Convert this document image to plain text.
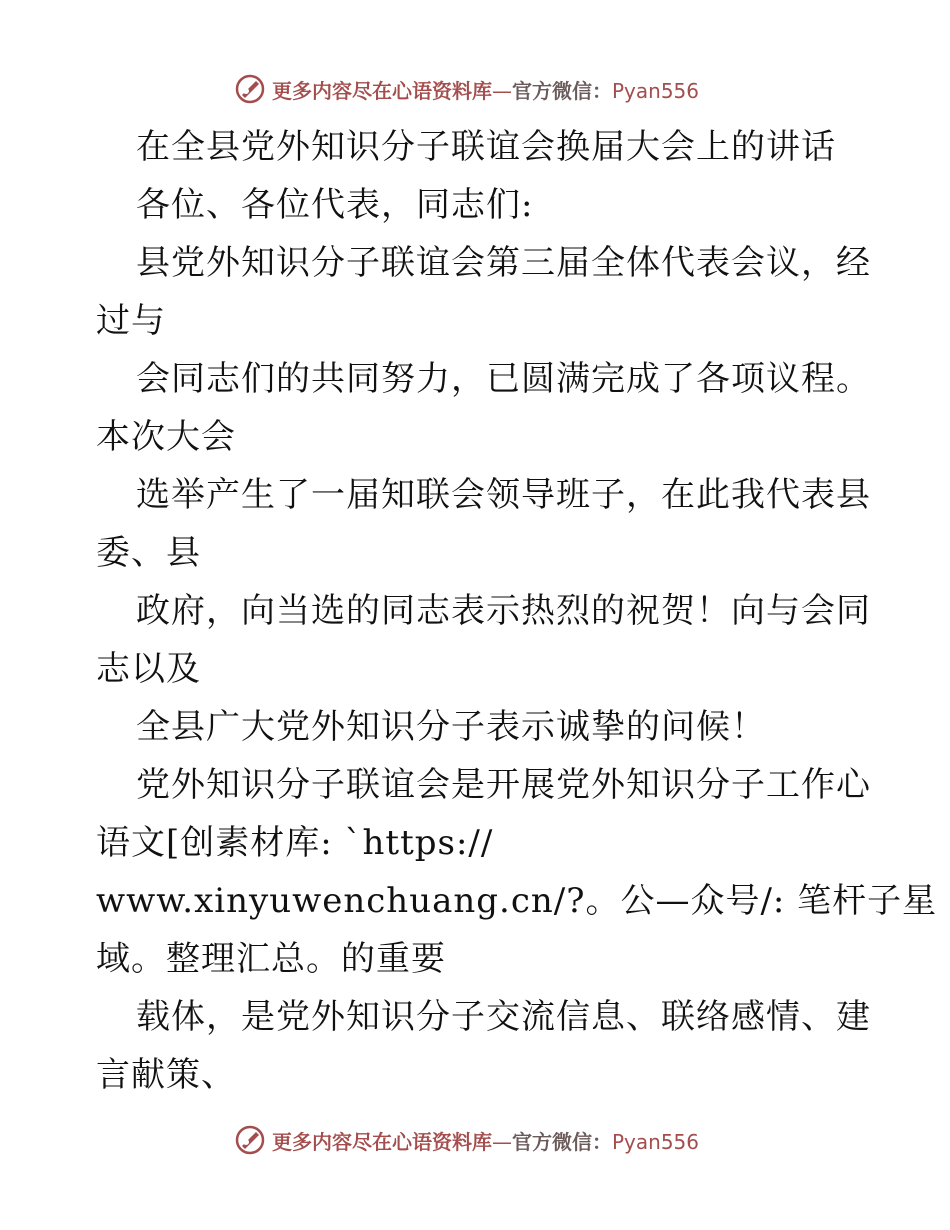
更多内容尽在心语资料库—官方微信：Pyan556
在全县党外知识分子联谊会换届大会上的讲话
各位、各位代表，同志们:
县党外知识分子联谊会第三届全体代表会议，经
过与
会同志们的共同努力，已圆满完成了各项议程。
本次大会
选举产生了一届知联会领导班子，在此我代表县
委、县
政府，向当选的同志表示热烈的祝贺！向与会同
志以及
全县广大党外知识分子表示诚挚的问候！
党外知识分子联谊会是开展党外知识分子工作心
语文[创素材库: `https://
www.xinyuwenchuang.cn/?。公—众号/: 笔杆子星
域。整理汇总。的重要
载体，是党外知识分子交流信息、联络感情、建
言献策、
更多内容尽在心语资料库—官方微信：Pyan556
